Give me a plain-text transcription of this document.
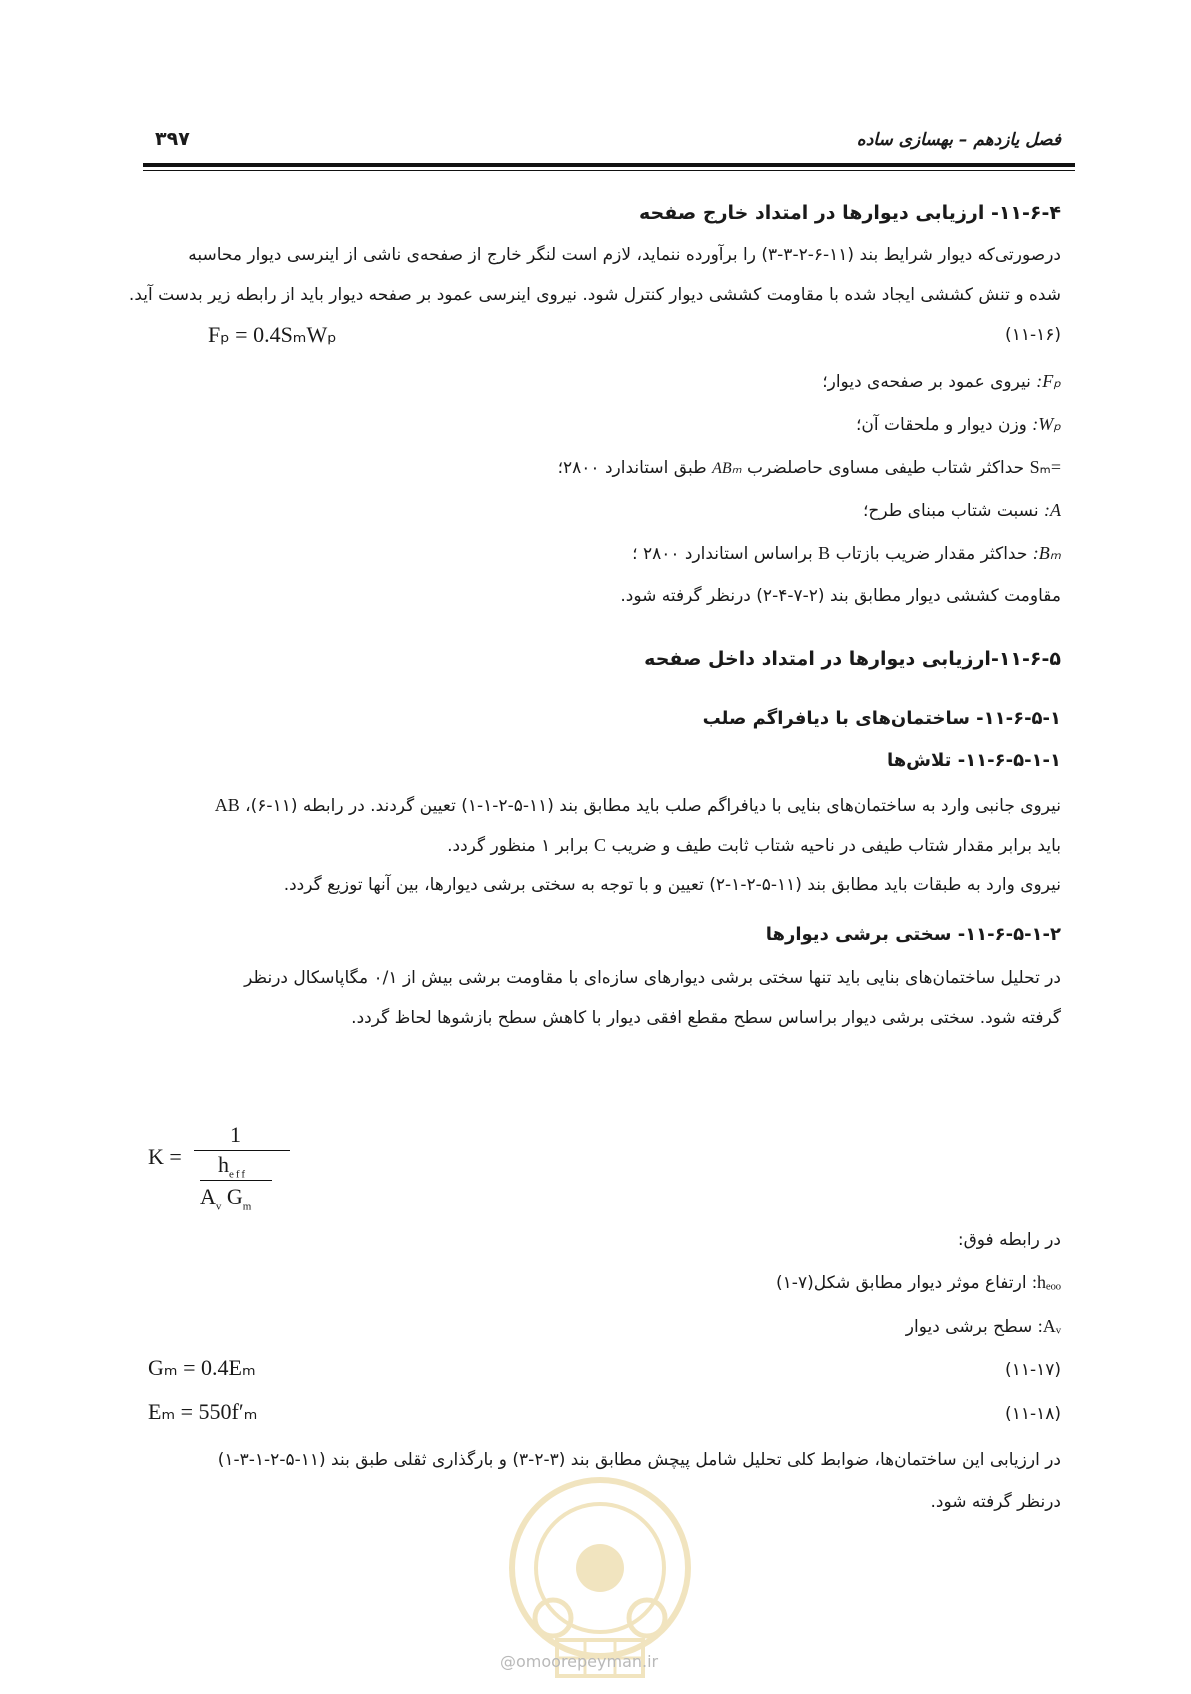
فصل یازدهم – بهسازی ساده
۳۹۷
۱۱-۶-۴- ارزیابی دیوارها در امتداد خارج صفحه
درصورتی‌که دیوار شرایط بند (۱۱-۶-۲-۳-۳) را برآورده ننماید، لازم است لنگر خارج از صفحه‌ی ناشی از اینرسی دیوار محاسبه
شده و تنش کششی ایجاد شده با مقاومت کششی دیوار کنترل شود. نیروی اینرسی عمود بر صفحه دیوار باید از رابطه زیر بدست آید.
Fₚ = 0.4SₘWₚ	(۱۱-۱۶)
Fₚ: نیروی عمود بر صفحه‌ی دیوار؛
Wₚ: وزن دیوار و ملحقات آن؛
=Sₘ حداکثر شتاب طیفی مساوی حاصلضرب ABₘ طبق استاندارد ۲۸۰۰؛
A: نسبت شتاب مبنای طرح؛
Bₘ: حداکثر مقدار ضریب بازتاب B براساس استاندارد ۲۸۰۰ ؛
مقاومت کششی دیوار مطابق بند (۲-۷-۴-۲) درنظر گرفته شود.
۱۱-۶-۵-ارزیابی دیوارها در امتداد داخل صفحه
۱۱-۶-۵-۱- ساختمان‌های با دیافراگم صلب
۱۱-۶-۵-۱-۱- تلاش‌ها
نیروی جانبی وارد به ساختمان‌های بنایی با دیافراگم صلب باید مطابق بند (۱۱-۵-۲-۱-۱) تعیین گردند. در رابطه (۱۱-۶)، AB
باید برابر مقدار شتاب طیفی در ناحیه شتاب ثابت طیف و ضریب C برابر ۱ منظور گردد.
نیروی وارد به طبقات باید مطابق بند (۱۱-۵-۲-۱-۲) تعیین و با توجه به سختی برشی دیوارها، بین آنها توزیع گردد.
۱۱-۶-۵-۱-۲- سختی برشی دیوارها
در تحلیل ساختمان‌های بنایی باید تنها سختی برشی دیوارهای سازه‌ای با مقاومت برشی بیش از ۰/۱ مگاپاسکال درنظر
گرفته شود. سختی برشی دیوار براساس سطح مقطع افقی دیوار با کاهش سطح بازشوها لحاظ گردد.
K =
1
$h_{eff}$
$A_v$ $G_m$
در رابطه فوق:
hₑₒₒ: ارتفاع موثر دیوار مطابق شکل(۷-۱)
Aᵥ: سطح برشی دیوار
Gₘ = 0.4Eₘ	(۱۱-۱۷)
Eₘ = 550f′ₘ	(۱۱-۱۸)
در ارزیابی این ساختمان‌ها، ضوابط کلی تحلیل شامل پیچش مطابق بند (۳-۲-۳) و بارگذاری ثقلی طبق بند (۱۱-۵-۲-۱-۳-۱)
درنظر گرفته شود.
@omoorepeyman.ir
